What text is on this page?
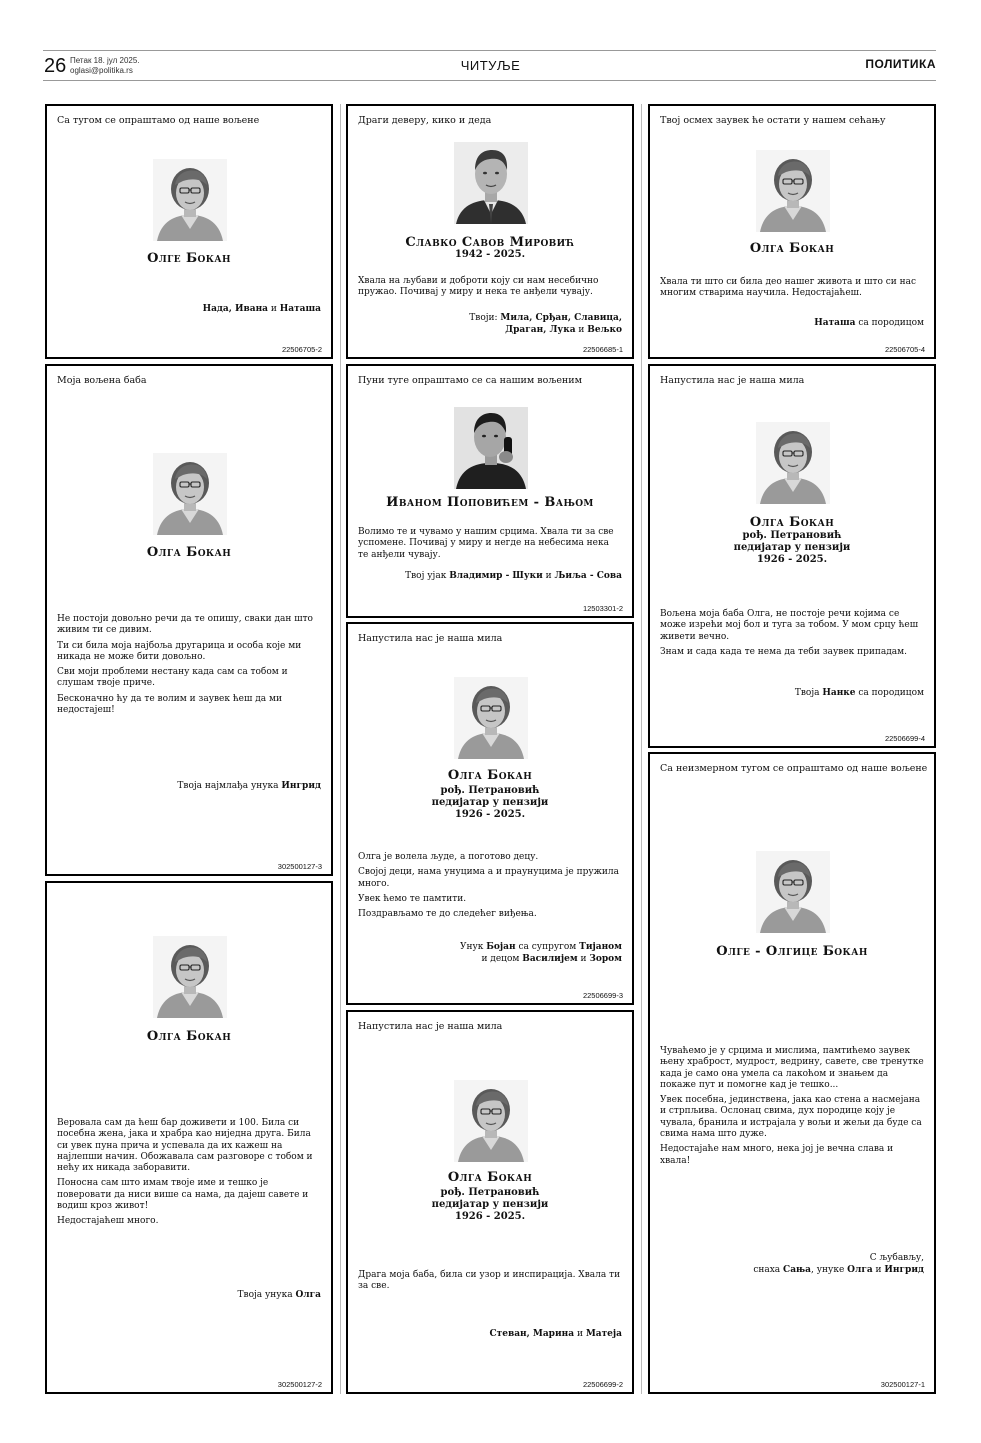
26 Петак 18. јул 2025.
oglasi@politika.rs	ЧИТУЉЕ	ПОЛИТИКА
Са тугом се опраштамо од наше вољене
Олге Бокан
Нада, Ивана и Наташа
22506705-2
Моја вољена баба
Олга Бокан

Не постоји довољно речи да те опишу, сваки дан што живим ти се дивим.

Ти си била моја најбоља другарица и особа које ми никада не може бити довољно.

Сви моји проблеми нестану када сам са тобом и слушам твоје приче.

Бесконачно ћу да те волим и заувек ћеш да ми недостајеш!

Твоја најмлађа унука Ингрид
302500127-3
Олга Бокан

Веровала сам да ћеш бар доживети и 100. Била си посебна жена, јака и храбра као ниједна друга. Била си увек пуна прича и успевала да их кажеш на најлепши начин. Обожавала сам разговоре с тобом и нећу их никада заборавити.

Поносна сам што имам твоје име и тешко је поверовати да ниси више са нама, да дајеш савете и водиш кроз живот!

Недостајаћеш много.

Твоја унука Олга
302500127-2
Драги девeру, кико и деда
Славко Савов Мировић
1942 - 2025.

Хвала на љубави и доброти коју си нам несебично пружао. Почивај у миру и нека те анђели чувају.

Твоји: Мила, Срђан, Славица,
Драган, Лука и Вељко
22506685-1
Пуни туге опраштамо се са нашим вољеним
Иваном Поповићем - Вањом

Волимо те и чувамо у нашим срцима. Хвала ти за све успомене. Почивај у миру и негде на небесима нека те анђели чувају.

Твој ујак Владимир - Шуки и Љиља - Сова
12503301-2
Напустила нас је наша мила
Олга Бокан
рођ. Петрановић
педијатар у пензији
1926 - 2025.

Олга је волела људе, а поготово децу.

Својој деци, нама унуцима а и праунуцима је пружила много.

Увек ћемо те памтити.

Поздрављамо те до следећег виђења.

Унук Бојан са супругом Тијаном
и децом Василијем и Зором
22506699-3
Напустила нас је наша мила
Олга Бокан
рођ. Петрановић
педијатар у пензији
1926 - 2025.

Драга моја баба, била си узор и инспирација. Хвала ти за све.

Стеван, Марина и Матеја
22506699-2
Твој осмех заувек ће остати у нашем сећању
Олга Бокан

Хвала ти што си била део нашег живота и што си нас многим стварима научила. Недостајаћеш.

Наташа са породицом
22506705-4
Напустила нас је наша мила
Олга Бокан
рођ. Петрановић
педијатар у пензији
1926 - 2025.

Вољена моја баба Олга, не постоје речи којима се може изрећи мој бол и туга за тобом. У мом срцу ћеш живети вечно.

Знам и сада када те нема да теби заувек припадам.

Твоја Нанке са породицом
22506699-4
Са неизмерном тугом се опраштамо од наше вољене
Олге - Олгице Бокан

Чуваћемо је у срцима и мислима, памтићемо заувек њену храброст, мудрост, ведрину, савете, све тренутке када је само она умела са лакоћом и знањем да покаже пут и помогне кад је тешко...

Увек посебна, јединствена, јака као стена а насмејана и стрпљива. Ослонац свима, дух породице коју је чувала, бранила и истрајала у вољи и жељи да буде са свима нама што дуже.

Недостајаће нам много, нека јој је вечна слава и хвала!

С љубављу,
снаха Сања, унуке Олга и Ингрид
302500127-1
